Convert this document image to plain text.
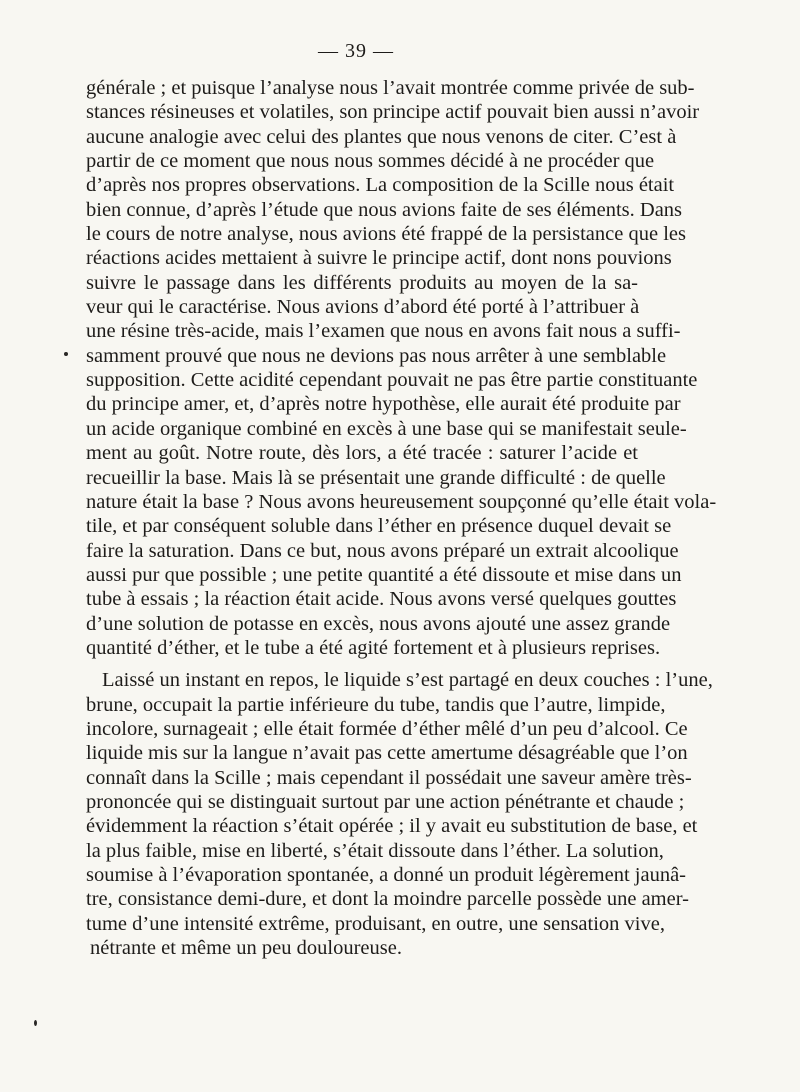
— 39 —
générale ; et puisque l’analyse nous l’avait montrée comme privée de sub-
stances résineuses et volatiles, son principe actif pouvait bien aussi n’avoir
aucune analogie avec celui des plantes que nous venons de citer. C’est à
partir de ce moment que nous nous sommes décidé à ne procéder que
d’après nos propres observations. La composition de la Scille nous était
bien connue, d’après l’étude que nous avions faite de ses éléments. Dans
le cours de notre analyse, nous avions été frappé de la persistance que les
réactions acides mettaient à suivre le principe actif, dont nons pouvions
suivre le passage dans les différents produits au moyen de la sa-
veur qui le caractérise. Nous avions d’abord été porté à l’attribuer à
une résine très-acide, mais l’examen que nous en avons fait nous a suffi-
samment prouvé que nous ne devions pas nous arrêter à une semblable
supposition. Cette acidité cependant pouvait ne pas être partie constituante
du principe amer, et, d’après notre hypothèse, elle aurait été produite par
un acide organique combiné en excès à une base qui se manifestait seule-
ment au goût. Notre route, dès lors, a été tracée : saturer l’acide et
recueillir la base. Mais là se présentait une grande difficulté : de quelle
nature était la base ? Nous avons heureusement soupçonné qu’elle était vola-
tile, et par conséquent soluble dans l’éther en présence duquel devait se
faire la saturation. Dans ce but, nous avons préparé un extrait alcoolique
aussi pur que possible ; une petite quantité a été dissoute et mise dans un
tube à essais ; la réaction était acide. Nous avons versé quelques gouttes
d’une solution de potasse en excès, nous avons ajouté une assez grande
quantité d’éther, et le tube a été agité fortement et à plusieurs reprises.
Laissé un instant en repos, le liquide s’est partagé en deux couches : l’une,
brune, occupait la partie inférieure du tube, tandis que l’autre, limpide,
incolore, surnageait ; elle était formée d’éther mêlé d’un peu d’alcool. Ce
liquide mis sur la langue n’avait pas cette amertume désagréable que l’on
connaît dans la Scille ; mais cependant il possédait une saveur amère très-
prononcée qui se distinguait surtout par une action pénétrante et chaude ;
évidemment la réaction s’était opérée ; il y avait eu substitution de base, et
la plus faible, mise en liberté, s’était dissoute dans l’éther. La solution,
soumise à l’évaporation spontanée, a donné un produit légèrement jaunâ-
tre, consistance demi-dure, et dont la moindre parcelle possède une amer-
tume d’une intensité extrême, produisant, en outre, une sensation vive,
nétrante et même un peu douloureuse.
